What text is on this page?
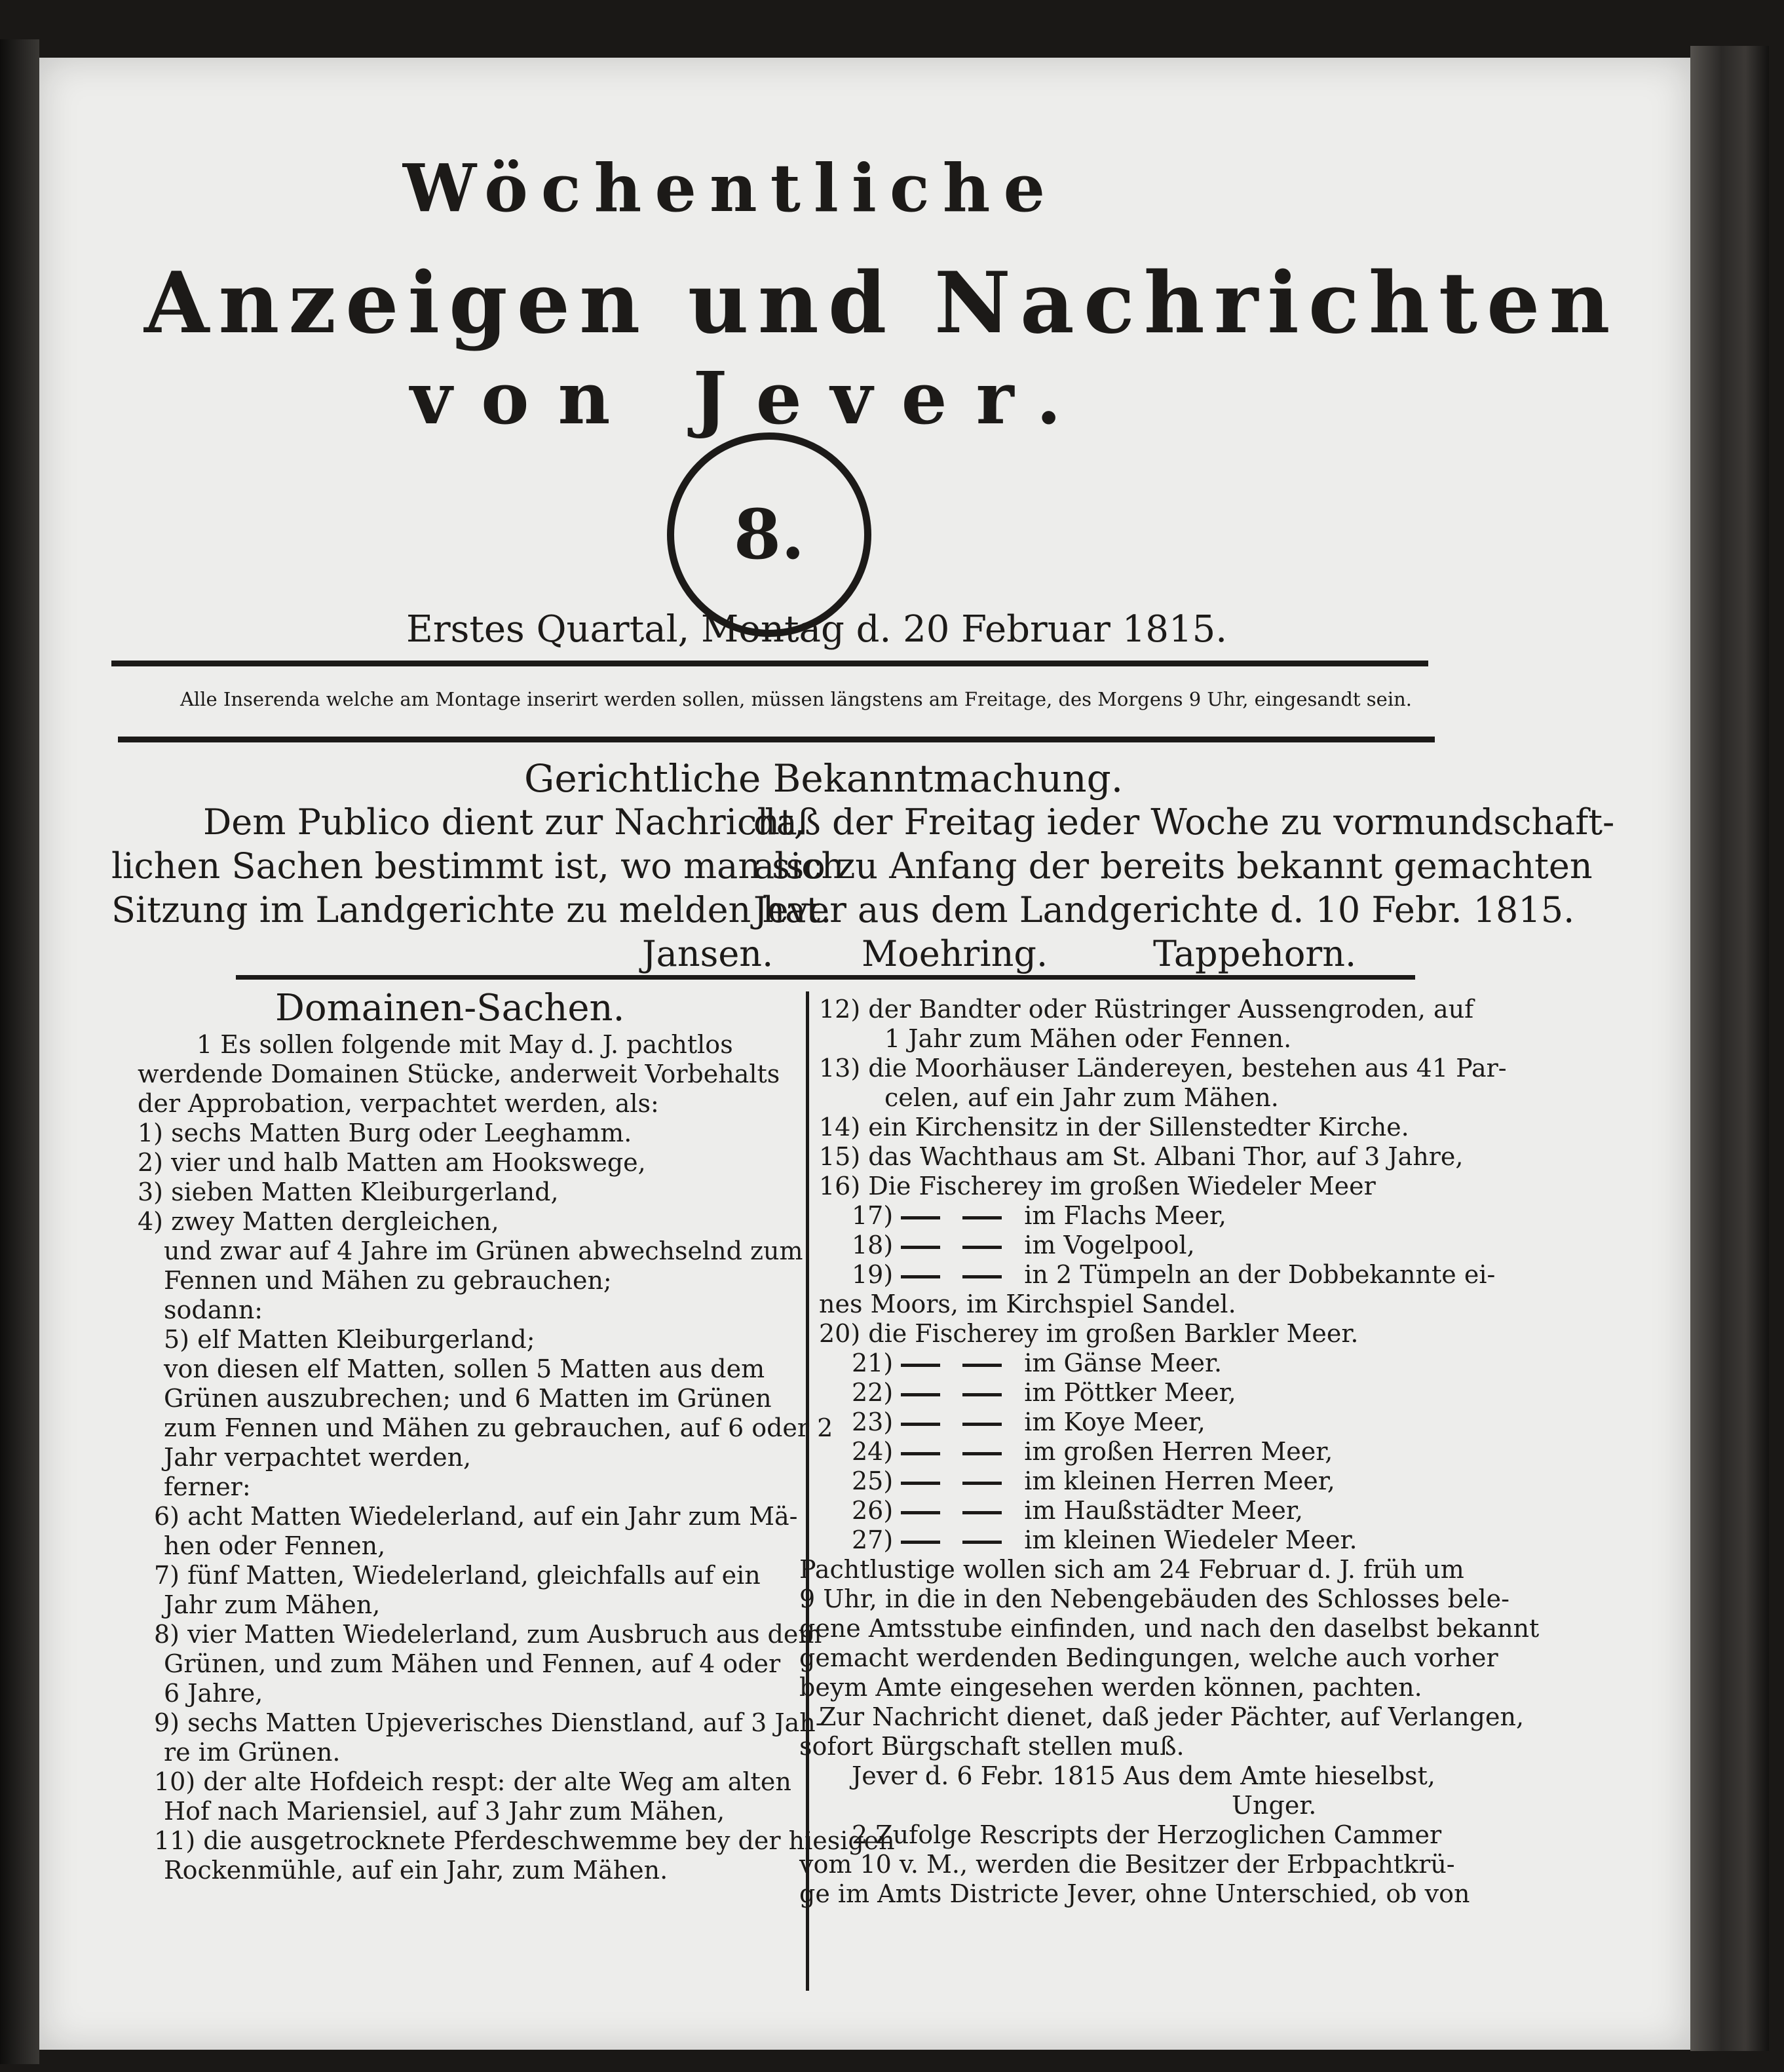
Wöchentliche
Anzeigen und Nachrichten
von Jever.
8.
Erstes Quartal, Montag d. 20 Februar 1815.
Alle Inserenda welche am Montage inserirt werden sollen, müssen längstens am Freitage, des Morgens 9 Uhr, eingesandt sein.
Gerichtliche Bekanntmachung.
Dem Publico dient zur Nachricht,
lichen Sachen bestimmt ist, wo man sich
Sitzung im Landgerichte zu melden hat.
Jansen.
daß der Freitag ieder Woche zu vormundschaft-
also zu Anfang der bereits bekannt gemachten
Jever aus dem Landgerichte d. 10 Febr. 1815.
Moehring.	Tappehorn.
Domainen-Sachen.
1 Es sollen folgende mit May d. J. pachtlos
werdende Domainen Stücke, anderweit Vorbehalts
der Approbation, verpachtet werden, als:
1) sechs Matten Burg oder Leeghamm.
2) vier und halb Matten am Hookswege,
3) sieben Matten Kleiburgerland,
4) zwey Matten dergleichen,
und zwar auf 4 Jahre im Grünen abwechselnd zum
Fennen und Mähen zu gebrauchen;
sodann:
5) elf Matten Kleiburgerland;
von diesen elf Matten, sollen 5 Matten aus dem
Grünen auszubrechen; und 6 Matten im Grünen
zum Fennen und Mähen zu gebrauchen, auf 6 oder 2
Jahr verpachtet werden,
ferner:
6) acht Matten Wiedelerland, auf ein Jahr zum Mä-
hen oder Fennen,
7) fünf Matten, Wiedelerland, gleichfalls auf ein
Jahr zum Mähen,
8) vier Matten Wiedelerland, zum Ausbruch aus dem
Grünen, und zum Mähen und Fennen, auf 4 oder
6 Jahre,
9) sechs Matten Upjeverisches Dienstland, auf 3 Jah-
re im Grünen.
10) der alte Hofdeich respt: der alte Weg am alten
Hof nach Mariensiel, auf 3 Jahr zum Mähen,
11) die ausgetrocknete Pferdeschwemme bey der hiesigen
Rockenmühle, auf ein Jahr, zum Mähen.
12) der Bandter oder Rüstringer Aussengroden, auf
1 Jahr zum Mähen oder Fennen.
13) die Moorhäuser Ländereyen, bestehen aus 41 Par-
celen, auf ein Jahr zum Mähen.
14) ein Kirchensitz in der Sillenstedter Kirche.
15) das Wachthaus am St. Albani Thor, auf 3 Jahre,
16) Die Fischerey im großen Wiedeler Meer
17)	im Flachs Meer,
18)	im Vogelpool,
19)	in 2 Tümpeln an der Dobbekannte ei-
nes Moors, im Kirchspiel Sandel.
20) die Fischerey im großen Barkler Meer.
21)	im Gänse Meer.
22)	im Pöttker Meer,
23)	im Koye Meer,
24)	im großen Herren Meer,
25)	im kleinen Herren Meer,
26)	im Haußstädter Meer,
27)	im kleinen Wiedeler Meer.
Pachtlustige wollen sich am 24 Februar d. J. früh um
9 Uhr, in die in den Nebengebäuden des Schlosses bele-
gene Amtsstube einfinden, und nach den daselbst bekannt
gemacht werdenden Bedingungen, welche auch vorher
beym Amte eingesehen werden können, pachten.
Zur Nachricht dienet, daß jeder Pächter, auf Verlangen,
sofort Bürgschaft stellen muß.
Jever d. 6 Febr. 1815 Aus dem Amte hieselbst,
Unger.
2 Zufolge Rescripts der Herzoglichen Cammer
vom 10 v. M., werden die Besitzer der Erbpachtkrü-
ge im Amts Districte Jever, ohne Unterschied, ob von
